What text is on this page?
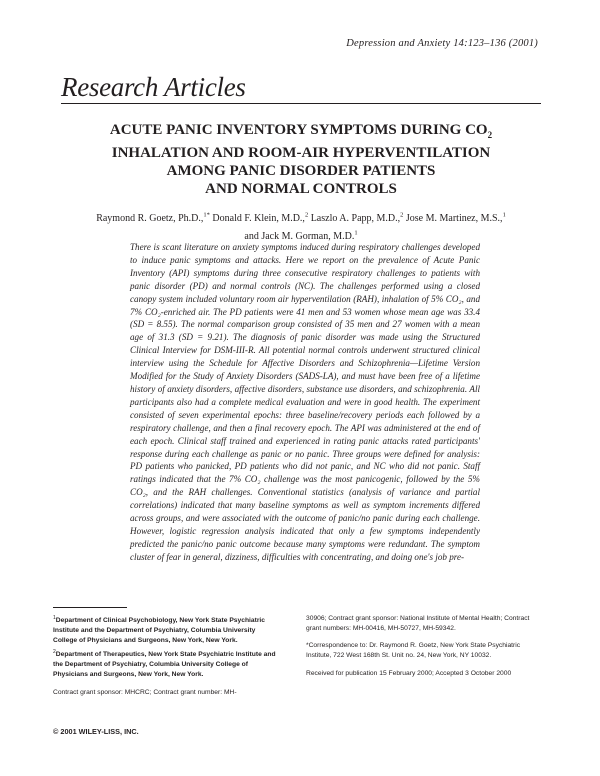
Depression and Anxiety 14:123–136 (2001)
Research Articles
ACUTE PANIC INVENTORY SYMPTOMS DURING $CO_2$
INHALATION AND ROOM-AIR HYPERVENTILATION
AMONG PANIC DISORDER PATIENTS
AND NORMAL CONTROLS
Raymond R. Goetz, Ph.D.,$^{1*}$ Donald F. Klein, M.D.,$^2$ Laszlo A. Papp, M.D.,$^2$ Jose M. Martinez, M.S.,$^1$
and Jack M. Gorman, M.D.$^1$

There is scant literature on anxiety symptoms induced during respiratory challenges developed to induce panic symptoms and attacks. Here we report on the prevalence of Acute Panic Inventory (API) symptoms during three consecutive respiratory challenges to patients with panic disorder (PD) and normal controls (NC). The challenges performed using a closed canopy system included voluntary room air hyperventilation (RAH), inhalation of 5% CO₂, and 7% CO₂-enriched air. The PD patients were 41 men and 53 women whose mean age was 33.4 (SD = 8.55). The normal comparison group consisted of 35 men and 27 women with a mean age of 31.3 (SD = 9.21). The diagnosis of panic disorder was made using the Structured Clinical Interview for DSM-III-R. All potential normal controls underwent structured clinical interview using the Schedule for Affective Disorders and Schizophrenia—Lifetime Version Modified for the Study of Anxiety Disorders (SADS-LA), and must have been free of a lifetime history of anxiety disorders, affective disorders, substance use disorders, and schizophrenia. All participants also had a complete medical evaluation and were in good health. The experiment consisted of seven experimental epochs: three baseline/recovery periods each followed by a respiratory challenge, and then a final recovery epoch. The API was administered at the end of each epoch. Clinical staff trained and experienced in rating panic attacks rated participants' response during each challenge as panic or no panic. Three groups were defined for analysis: PD patients who panicked, PD patients who did not panic, and NC who did not panic. Staff ratings indicated that the 7% CO₂ challenge was the most panicogenic, followed by the 5% CO₂, and the RAH challenges. Conventional statistics (analysis of variance and partial correlations) indicated that many baseline symptoms as well as symptom increments differed across groups, and were associated with the outcome of panic/no panic during each challenge. However, logistic regression analysis indicated that only a few symptoms independently predicted the panic/no panic outcome because many symptoms were redundant. The symptom cluster of fear in general, dizziness, difficulties with concentrating, and doing one's job pre-

$^1$Department of Clinical Psychobiology, New York State Psychiatric Institute and the Department of Psychiatry, Columbia University College of Physicians and Surgeons, New York, New York.

$^2$Department of Therapeutics, New York State Psychiatric Institute and the Department of Psychiatry, Columbia University College of Physicians and Surgeons, New York, New York.

Contract grant sponsor: MHCRC; Contract grant number: MH-

30906; Contract grant sponsor: National Institute of Mental Health; Contract grant numbers: MH-00416, MH-50727, MH-59342.

*Correspondence to: Dr. Raymond R. Goetz, New York State Psychiatric Institute, 722 West 168th St. Unit no. 24, New York, NY 10032.

Received for publication 15 February 2000; Accepted 3 October 2000

© 2001 WILEY-LISS, INC.
